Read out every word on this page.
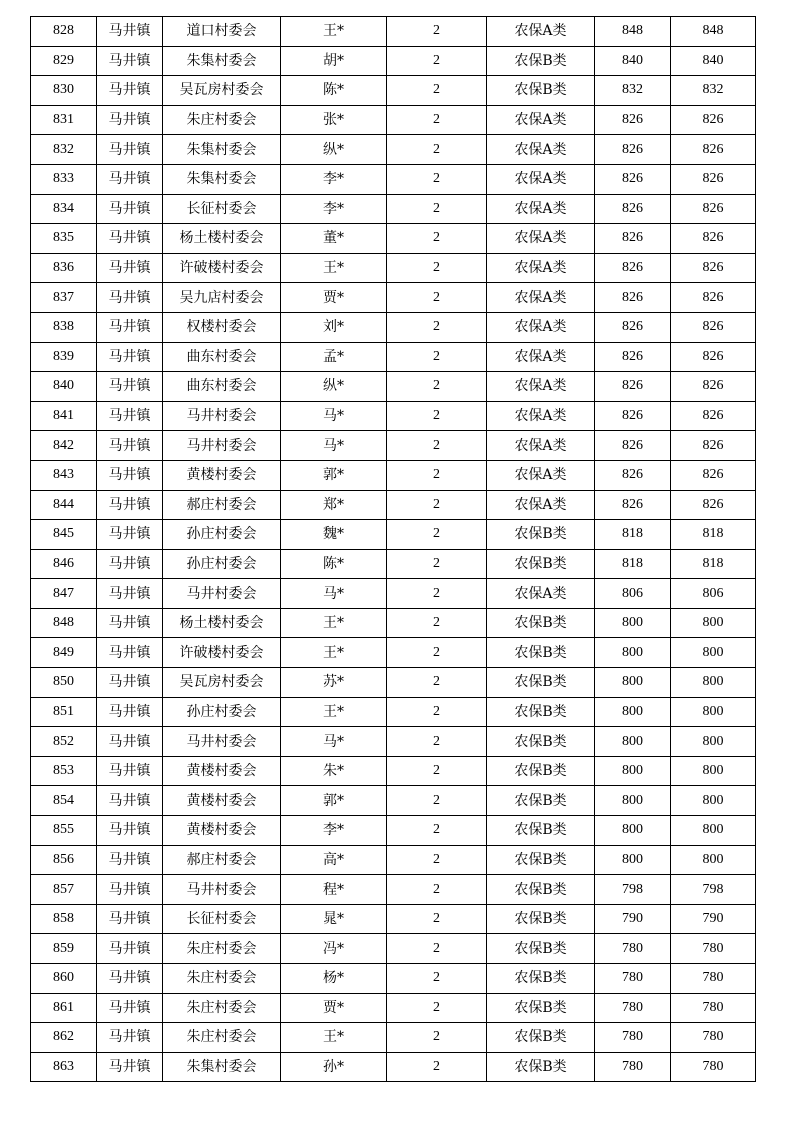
828	马井镇	道口村委会	王*	2	农保A类	848	848
829	马井镇	朱集村委会	胡*	2	农保B类	840	840
830	马井镇	吴瓦房村委会	陈*	2	农保B类	832	832
831	马井镇	朱庄村委会	张*	2	农保A类	826	826
832	马井镇	朱集村委会	纵*	2	农保A类	826	826
833	马井镇	朱集村委会	李*	2	农保A类	826	826
834	马井镇	长征村委会	李*	2	农保A类	826	826
835	马井镇	杨土楼村委会	董*	2	农保A类	826	826
836	马井镇	许破楼村委会	王*	2	农保A类	826	826
837	马井镇	吴九店村委会	贾*	2	农保A类	826	826
838	马井镇	权楼村委会	刘*	2	农保A类	826	826
839	马井镇	曲东村委会	孟*	2	农保A类	826	826
840	马井镇	曲东村委会	纵*	2	农保A类	826	826
841	马井镇	马井村委会	马*	2	农保A类	826	826
842	马井镇	马井村委会	马*	2	农保A类	826	826
843	马井镇	黄楼村委会	郭*	2	农保A类	826	826
844	马井镇	郝庄村委会	郑*	2	农保A类	826	826
845	马井镇	孙庄村委会	魏*	2	农保B类	818	818
846	马井镇	孙庄村委会	陈*	2	农保B类	818	818
847	马井镇	马井村委会	马*	2	农保A类	806	806
848	马井镇	杨土楼村委会	王*	2	农保B类	800	800
849	马井镇	许破楼村委会	王*	2	农保B类	800	800
850	马井镇	吴瓦房村委会	苏*	2	农保B类	800	800
851	马井镇	孙庄村委会	王*	2	农保B类	800	800
852	马井镇	马井村委会	马*	2	农保B类	800	800
853	马井镇	黄楼村委会	朱*	2	农保B类	800	800
854	马井镇	黄楼村委会	郭*	2	农保B类	800	800
855	马井镇	黄楼村委会	李*	2	农保B类	800	800
856	马井镇	郝庄村委会	高*	2	农保B类	800	800
857	马井镇	马井村委会	程*	2	农保B类	798	798
858	马井镇	长征村委会	晁*	2	农保B类	790	790
859	马井镇	朱庄村委会	冯*	2	农保B类	780	780
860	马井镇	朱庄村委会	杨*	2	农保B类	780	780
861	马井镇	朱庄村委会	贾*	2	农保B类	780	780
862	马井镇	朱庄村委会	王*	2	农保B类	780	780
863	马井镇	朱集村委会	孙*	2	农保B类	780	780
